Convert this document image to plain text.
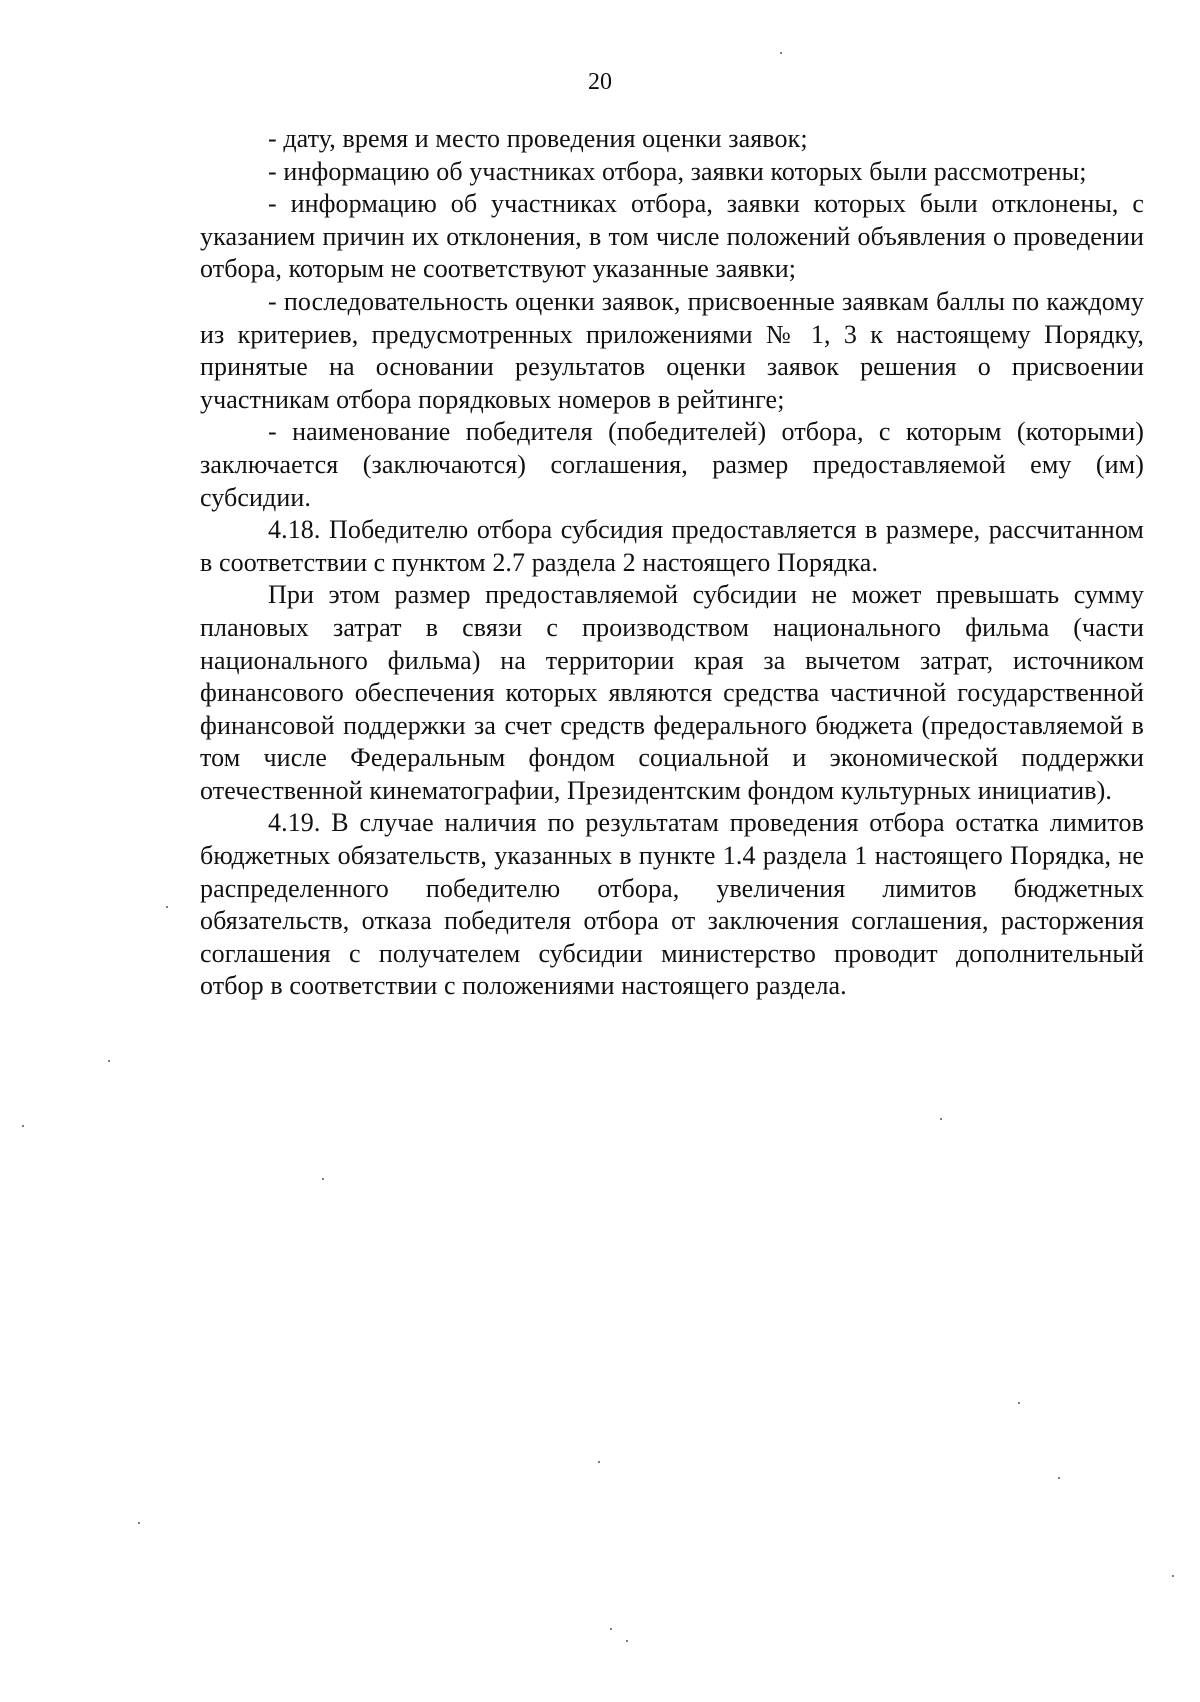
20

- дату, время и место проведения оценки заявок;

- информацию об участниках отбора, заявки которых были рассмотрены;

- информацию об участниках отбора, заявки которых были отклонены, с указанием причин их отклонения, в том числе положений объявления о проведении отбора, которым не соответствуют указанные заявки;

- последовательность оценки заявок, присвоенные заявкам баллы по каждому из критериев, предусмотренных приложениями № 1, 3 к настоящему Порядку, принятые на основании результатов оценки заявок решения о присвоении участникам отбора порядковых номеров в рейтинге;

- наименование победителя (победителей) отбора, с которым (которыми) заключается (заключаются) соглашения, размер предоставляемой ему (им) субсидии.

4.18. Победителю отбора субсидия предоставляется в размере, рассчитанном в соответствии с пунктом 2.7 раздела 2 настоящего Порядка.

При этом размер предоставляемой субсидии не может превышать сумму плановых затрат в связи с производством национального фильма (части национального фильма) на территории края за вычетом затрат, источником финансового обеспечения которых являются средства частичной государственной финансовой поддержки за счет средств федерального бюджета (предоставляемой в том числе Федеральным фондом социальной и экономической поддержки отечественной кинематографии, Президентским фондом культурных инициатив).

4.19. В случае наличия по результатам проведения отбора остатка лимитов бюджетных обязательств, указанных в пункте 1.4 раздела 1 настоящего Порядка, не распределенного победителю отбора, увеличения лимитов бюджетных обязательств, отказа победителя отбора от заключения соглашения, расторжения соглашения с получателем субсидии министерство проводит дополнительный отбор в соответствии с положениями настоящего раздела.
